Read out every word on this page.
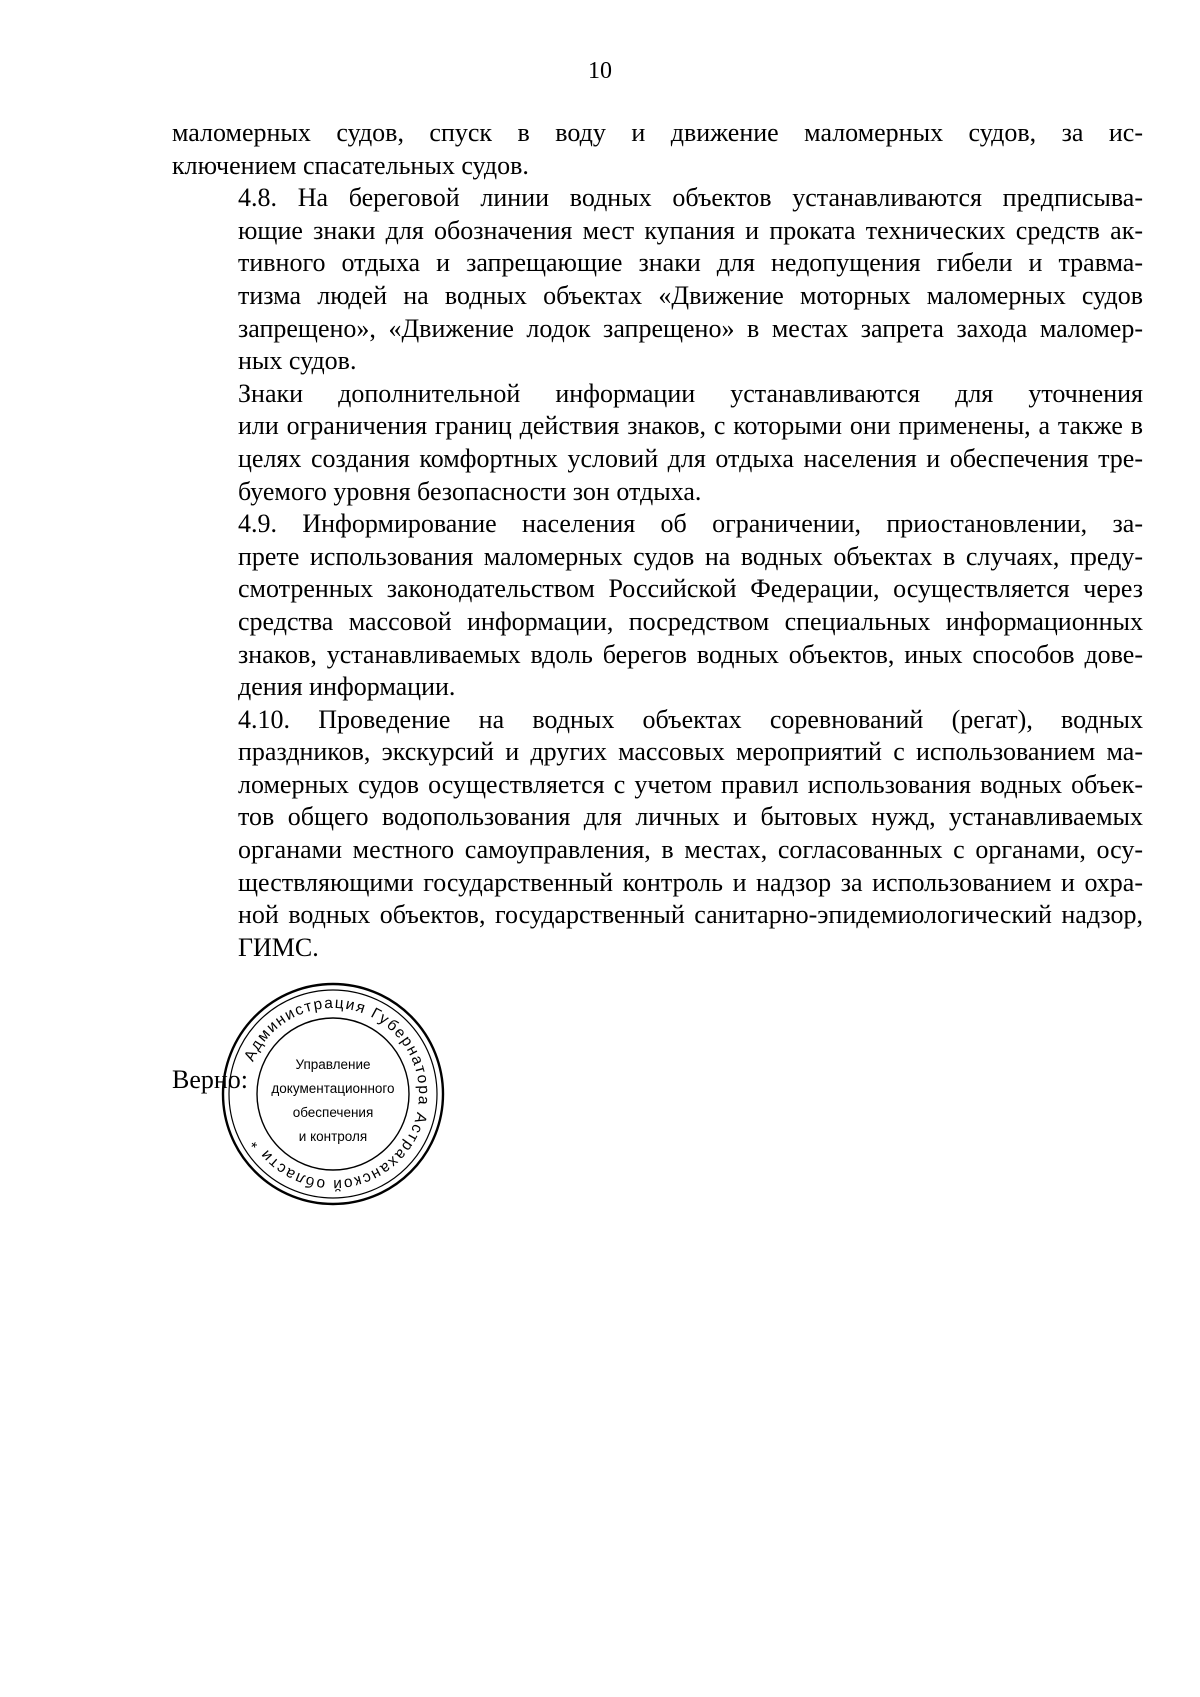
10

маломерных судов, спуск в воду и движение маломерных судов, за ис-
ключением спасательных судов.

4.8. На береговой линии водных объектов устанавливаются предписыва-
ющие знаки для обозначения мест купания и проката технических средств ак-
тивного отдыха и запрещающие знаки для недопущения гибели и травма-
тизма людей на водных объектах «Движение моторных маломерных судов
запрещено», «Движение лодок запрещено» в местах запрета захода маломер-
ных судов.

Знаки дополнительной информации устанавливаются для уточнения
или ограничения границ действия знаков, с которыми они применены, а также в
целях создания комфортных условий для отдыха населения и обеспечения тре-
буемого уровня безопасности зон отдыха.

4.9. Информирование населения об ограничении, приостановлении, за-
прете использования маломерных судов на водных объектах в случаях, преду-
смотренных законодательством Российской Федерации, осуществляется через
средства массовой информации, посредством специальных информационных
знаков, устанавливаемых вдоль берегов водных объектов, иных способов дове-
дения информации.

4.10. Проведение на водных объектах соревнований (регат), водных
праздников, экскурсий и других массовых мероприятий с использованием ма-
ломерных судов осуществляется с учетом правил использования водных объек-
тов общего водопользования для личных и бытовых нужд, устанавливаемых
органами местного самоуправления, в местах, согласованных с органами, осу-
ществляющими государственный контроль и надзор за использованием и охра-
ной водных объектов, государственный санитарно-эпидемиологический надзор,
ГИМС.

Верно:
Администрация Губернатора Астраханской области *
Управление
документационного
обеспечения
и контроля
